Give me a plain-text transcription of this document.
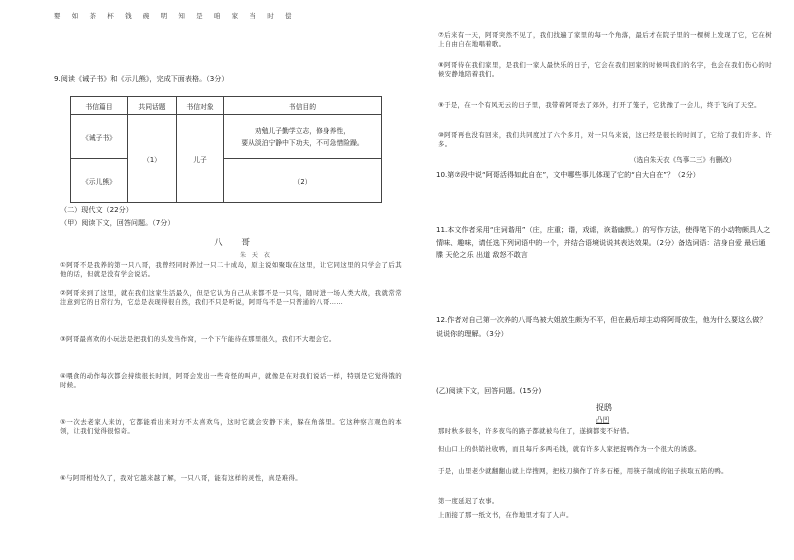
婴 如 茶 杯 钱 碗 明 知 是 咱 家 当 时 偿
9.阅读《诫子书》和《示儿熊》，完成下面表格。（3分）
书信篇目	共同话题	书信对象	书信目的
《诫子书》	（1）	儿子	劝勉儿子勤学立志，修身养性，
要从淡泊宁静中下功夫，不可急惜险躁。

《示儿熊》			（2）
（二）现代文（22分）
（甲）阅读下文，回答问题。（7分）
八 哥
朱 天 衣
①阿哥不是我养的第一只八哥，我曾经同时养过一只二十成岛，原主说如聚取在这里，让它同这里的只学会了后其他的话，但就是没有学会说话。
②阿哥来到了这里，就在我们这家生活最久，但是它认为自己从来都不是一只鸟，随时进一场人类大战，我就常常注意到它的日常行为，它总是表现得很自然，我们不只是听说，阿哥鸟不是一只普通的八哥……
③阿哥最喜欢的小玩法是把我们的头发当作窝，一个下午能待在那里很久，我们不大理会它。
④喂食的动作每次都会持续很长时间，阿哥会发出一些奇怪的叫声，就像是在对我们说话一样，特别是它觉得饿的时候。
⑤一次去老家人来访，它都能看出来对方不太喜欢鸟，这时它就会安静下来，躲在角落里。它这种察言观色的本领，让我们觉得很惊奇。
⑥与阿哥相处久了，我对它越来越了解，一只八哥，能有这样的灵性，真是难得。
⑦后来有一天，阿哥突然不见了，我们找遍了家里的每一个角落，最后才在院子里的一棵树上发现了它，它在树上自由自在地唱着歌。
⑧阿哥待在我们家里，是我们一家人最快乐的日子，它会在我们回家的时候叫我们的名字，也会在我们伤心的时候安静地陪着我们。
⑨于是，在一个有风无云的日子里，我带着阿哥去了郊外，打开了笼子，它犹豫了一会儿，终于飞向了天空。
⑩阿哥再也没有回来，我们共同度过了六个多月，对一只鸟来说，这已经是很长的时间了，它给了我们许多、许多。
（选自朱天衣《鸟事二三》有删改）
10.第⑦段中说“阿哥活得如此自在”，文中哪些事儿体现了它的“自大自在”？（2分）
11.本文作者采用“庄词谐用”（庄，庄重；谐，戏谑，诙谐幽默。）的写作方法，使得笔下的小动物颇具人之情味、趣味，请任选下列词语中的一个，并结合语境说说其表达效果。（2分）备选词语：洁身自爱 最后通牒 天伦之乐 出道 敌怒不敢言
12.作者对自己第一次养的八哥鸟被大姐放生颇为不平，但在最后却主动将阿哥放生，他为什么要这么做？说说你的理解。（3分）
(乙)阅读下文，回答问题。(15分)
捉鸱
凸凹
那时秋多很冬，许多夜鸟的路子都就被鸟住了，遂摘都变不好惜。
但山口上的供销社收鸭，而且每斤多两毛钱，就有许多人家把捉鸭作为一个很大的诱惑。
于是，山里老少就翻翻山就上岸搜网，把枝刀摘作了许多石桠，用筷子制成的钮子挟取五陷的鸭。
第一度延迟了农事。
上面接了那一纸文书，在作地里才有了人声。
